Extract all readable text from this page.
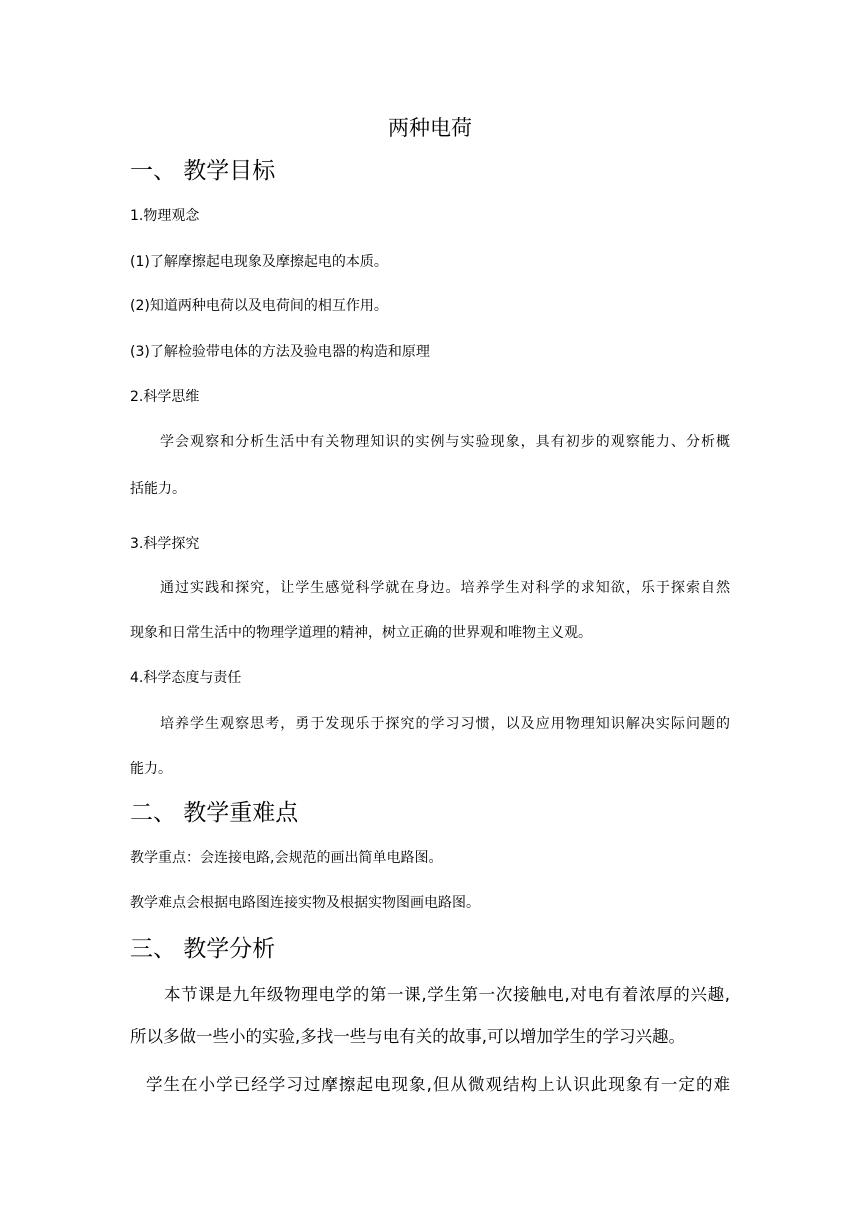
两种电荷
一、 教学目标
1.物理观念
(1)了解摩擦起电现象及摩擦起电的本质。
(2)知道两种电荷以及电荷间的相互作用。
(3)了解检验带电体的方法及验电器的构造和原理
2.科学思维
学会观察和分析生活中有关物理知识的实例与实验现象，具有初步的观察能力、分析概
括能力。
3.科学探究
通过实践和探究，让学生感觉科学就在身边。培养学生对科学的求知欲，乐于探索自然
现象和日常生活中的物理学道理的精神，树立正确的世界观和唯物主义观。
4.科学态度与责任
培养学生观察思考，勇于发现乐于探究的学习习惯，以及应用物理知识解决实际问题的
能力。
二、 教学重难点
教学重点：会连接电路,会规范的画出简单电路图。
教学难点会根据电路图连接实物及根据实物图画电路图。
三、 教学分析
本节课是九年级物理电学的第一课,学生第一次接触电,对电有着浓厚的兴趣,
所以多做一些小的实验,多找一些与电有关的故事,可以增加学生的学习兴趣。
学生在小学已经学习过摩擦起电现象,但从微观结构上认识此现象有一定的难
